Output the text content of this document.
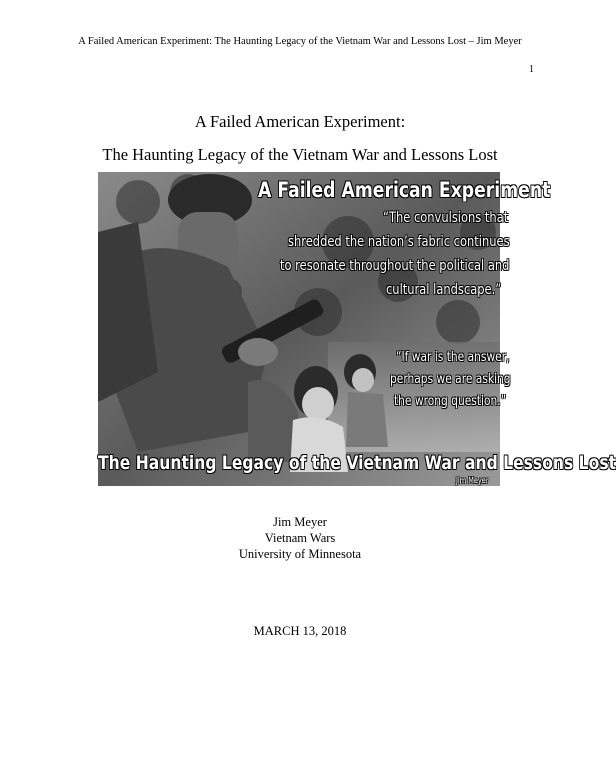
A Failed American Experiment: The Haunting Legacy of the Vietnam War and Lessons Lost – Jim Meyer
1
A Failed American Experiment:
The Haunting Legacy of the Vietnam War and Lessons Lost
A Failed American Experiment
“The convulsions that
shredded the nation’s fabric continues
to resonate throughout the political and
cultural landscape.”
“If war is the answer,
perhaps we are asking
the wrong question.”
The Haunting Legacy of the Vietnam War and Lessons Lost
Jim Meyer
Jim Meyer
Vietnam Wars
University of Minnesota
MARCH 13, 2018
